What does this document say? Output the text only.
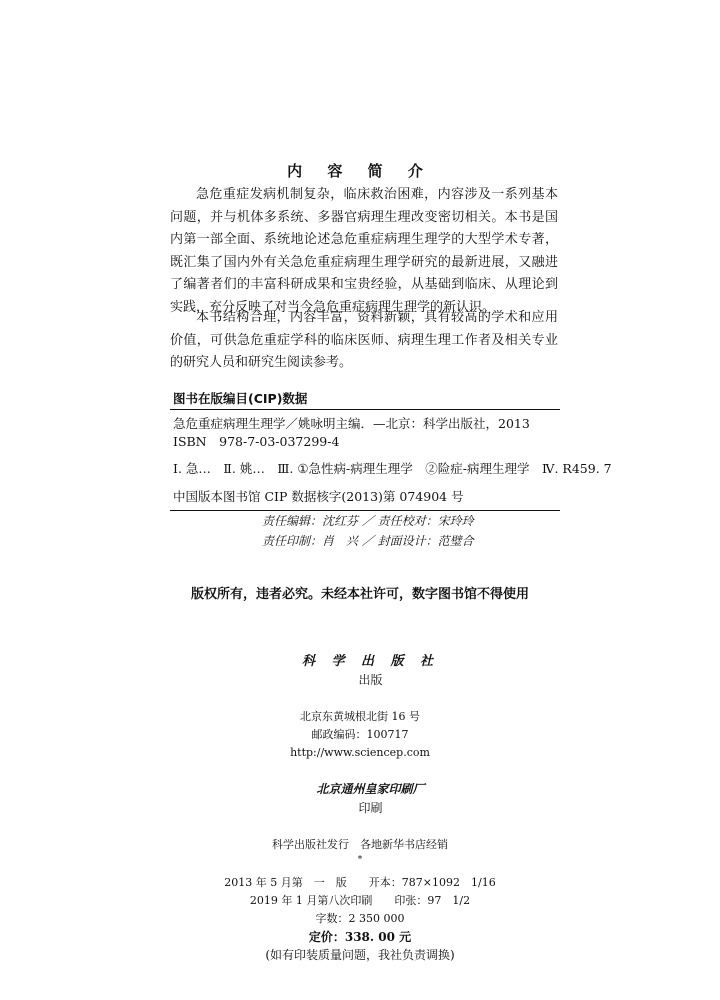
内 容 简 介

急危重症发病机制复杂，临床救治困难，内容涉及一系列基本问题，并与机体多系统、多器官病理生理改变密切相关。本书是国内第一部全面、系统地论述急危重症病理生理学的大型学术专著，既汇集了国内外有关急危重症病理生理学研究的最新进展，又融进了编著者们的丰富科研成果和宝贵经验，从基础到临床、从理论到实践，充分反映了对当今急危重症病理生理学的新认识。

本书结构合理，内容丰富，资料新颖，具有较高的学术和应用价值，可供急危重症学科的临床医师、病理生理工作者及相关专业的研究人员和研究生阅读参考。

图书在版编目(CIP)数据
急危重症病理生理学／姚咏明主编．—北京：科学出版社，2013
ISBN　978-7-03-037299-4
Ⅰ. 急…　Ⅱ. 姚…　Ⅲ. ①急性病-病理生理学　②险症-病理生理学　Ⅳ. R459. 7
中国版本图书馆 CIP 数据核字(2013)第 074904 号
责任编辑：沈红芬 ／ 责任校对：宋玲玲
责任印制：肖　兴 ／ 封面设计：范璧合
版权所有，违者必究。未经本社许可，数字图书馆不得使用

科 学 出 版 社
出版

北京东黄城根北街 16 号
邮政编码：100717
http://www.sciencep.com

北京通州皇家印刷厂
印刷

科学出版社发行　各地新华书店经销
*
2013 年 5 月第　一　版　　开本：787×1092　1/16
2019 年 1 月第八次印刷　　印张：97　1/2
字数：2 350 000
定价：338. 00 元
(如有印装质量问题，我社负责调换)
